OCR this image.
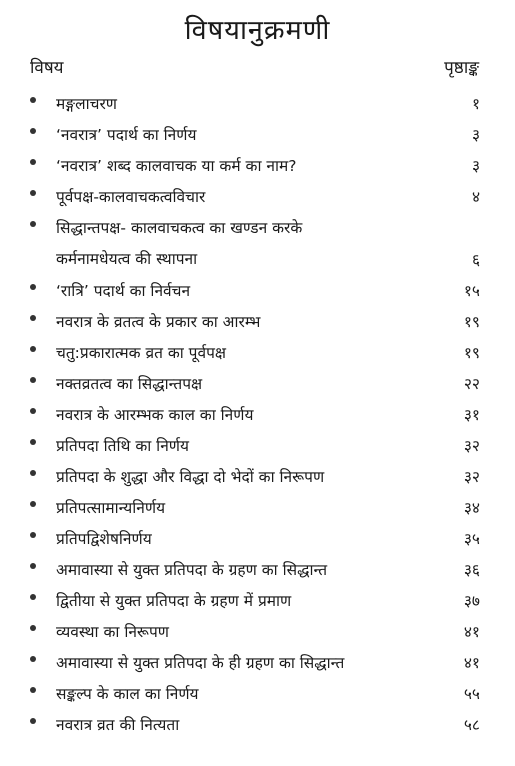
विषयानुक्रमणी
विषय	पृष्ठाङ्क
मङ्गलाचरण	१
‘नवरात्र’ पदार्थ का निर्णय	३
‘नवरात्र’ शब्द कालवाचक या कर्म का नाम?	३
पूर्वपक्ष-कालवाचकत्वविचार	४
सिद्धान्तपक्ष- कालवाचकत्व का खण्डन करके
कर्मनामधेयत्व की स्थापना	६
‘रात्रि’ पदार्थ का निर्वचन	१५
नवरात्र के व्रतत्व के प्रकार का आरम्भ	१९
चतु:प्रकारात्मक व्रत का पूर्वपक्ष	१९
नक्तव्रतत्व का सिद्धान्तपक्ष	२२
नवरात्र के आरम्भक काल का निर्णय	३१
प्रतिपदा तिथि का निर्णय	३२
प्रतिपदा के शुद्धा और विद्धा दो भेदों का निरूपण	३२
प्रतिपत्सामान्यनिर्णय	३४
प्रतिपद्विशेषनिर्णय	३५
अमावास्या से युक्त प्रतिपदा के ग्रहण का सिद्धान्त	३६
द्वितीया से युक्त प्रतिपदा के ग्रहण में प्रमाण	३७
व्यवस्था का निरूपण	४१
अमावास्या से युक्त प्रतिपदा के ही ग्रहण का सिद्धान्त	४१
सङ्कल्प के काल का निर्णय	५५
नवरात्र व्रत की नित्यता	५८
